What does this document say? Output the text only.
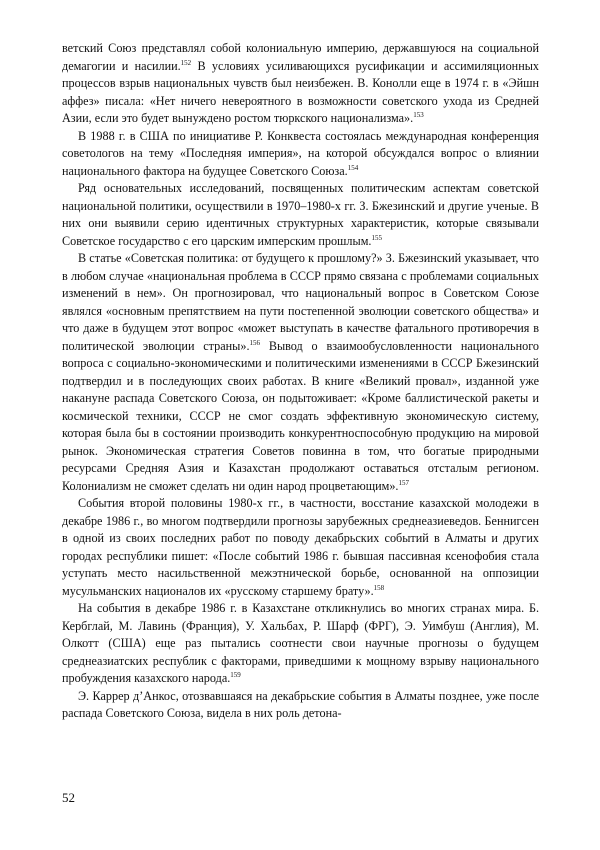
ветский Союз представлял собой колониальную империю, державшуюся на социальной демагогии и насилии.$^{152}$ В условиях усиливающихся русификации и ассимиляционных процессов взрыв национальных чувств был неизбежен. В. Конолли еще в 1974 г. в «Эйшн аффез» писала: «Нет ничего невероятного в возможности советского ухода из Средней Азии, если это будет вынуждено ростом тюркского национализма».$^{153}$

В 1988 г. в США по инициативе Р. Конквеста состоялась международная конференция советологов на тему «Последняя империя», на которой обсуждался вопрос о влиянии национального фактора на будущее Советского Союза.$^{154}$

Ряд основательных исследований, посвященных политическим аспектам советской национальной политики, осуществили в 1970–1980-х гг. З. Бжезинский и другие ученые. В них они выявили серию идентичных структурных характеристик, которые связывали Советское государство с его царским имперским прошлым.$^{155}$

В статье «Советская политика: от будущего к прошлому?» З. Бжезинский указывает, что в любом случае «национальная проблема в СССР прямо связана с проблемами социальных изменений в нем». Он прогнозировал, что национальный вопрос в Советском Союзе являлся «основным препятствием на пути постепенной эволюции советского общества» и что даже в будущем этот вопрос «может выступать в качестве фатального противоречия в политической эволюции страны».$^{156}$ Вывод о взаимообусловленности национального вопроса с социально-экономическими и политическими изменениями в СССР Бжезинский подтвердил и в последующих своих работах. В книге «Великий провал», изданной уже накануне распада Советского Союза, он подытоживает: «Кроме баллистической ракеты и космической техники, СССР не смог создать эффективную экономическую систему, которая была бы в состоянии производить конкурентноспособную продукцию на мировой рынок. Экономическая стратегия Советов повинна в том, что богатые природными ресурсами Средняя Азия и Казахстан продолжают оставаться отсталым регионом. Колониализм не сможет сделать ни один народ процветающим».$^{157}$

События второй половины 1980-х гг., в частности, восстание казахской молодежи в декабре 1986 г., во многом подтвердили прогнозы зарубежных среднеазиеведов. Беннигсен в одной из своих последних работ по поводу декабрьских событий в Алматы и других городах республики пишет: «После событий 1986 г. бывшая пассивная ксенофобия стала уступать место насильственной межэтнической борьбе, основанной на оппозиции мусульманских националов их «русскому старшему брату».$^{158}$

На события в декабре 1986 г. в Казахстане откликнулись во многих странах мира. Б. Кербглай, М. Лавинь (Франция), У. Хальбах, Р. Шарф (ФРГ), Э. Уимбуш (Англия), М. Олкотт (США) еще раз пытались соотнести свои научные прогнозы о будущем среднеазиатских республик с факторами, приведшими к мощному взрыву национального пробуждения казахского народа.$^{159}$

Э. Каррер д’Анкос, отозвавшаяся на декабрьские события в Алматы позднее, уже после распада Советского Союза, видела в них роль детона-

52
